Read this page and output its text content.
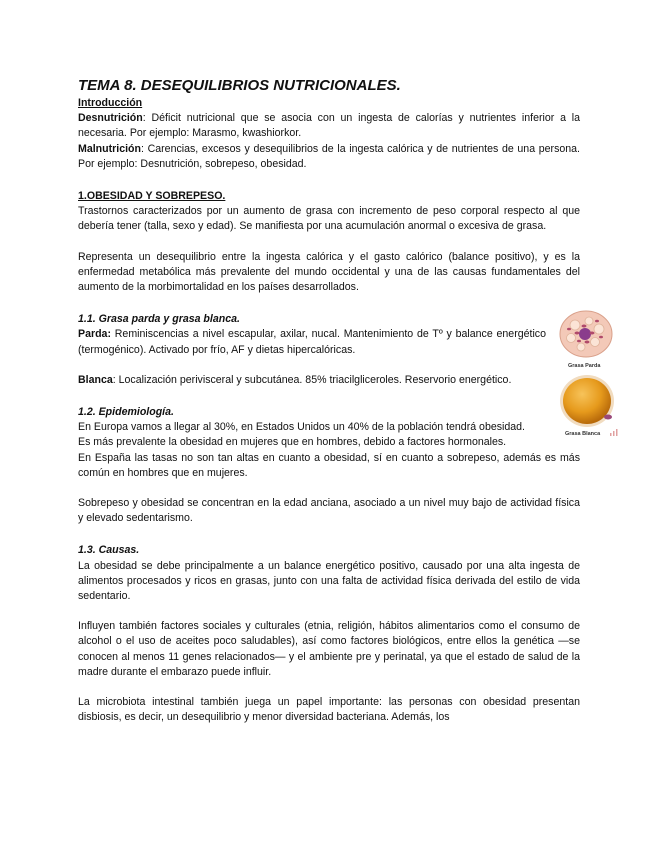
TEMA 8. DESEQUILIBRIOS NUTRICIONALES.
Introducción

Desnutrición: Déficit nutricional que se asocia con un ingesta de calorías y nutrientes inferior a la necesaria. Por ejemplo: Marasmo, kwashiorkor.

Malnutrición: Carencias, excesos y desequilibrios de la ingesta calórica y de nutrientes de una persona. Por ejemplo: Desnutrición, sobrepeso, obesidad.

1.OBESIDAD Y SOBREPESO.

Trastornos caracterizados por un aumento de grasa con incremento de peso corporal respecto al que debería tener (talla, sexo y edad). Se manifiesta por una acumulación anormal o excesiva de grasa.

Representa un desequilibrio entre la ingesta calórica y el gasto calórico (balance positivo), y es la enfermedad metabólica más prevalente del mundo occidental y una de las causas fundamentales del aumento de la morbimortalidad en los países desarrollados.

1.1. Grasa parda y grasa blanca.

Parda: Reminiscencias a nivel escapular, axilar, nucal. Mantenimiento de Tº y balance energético (termogénico). Activado por frío, AF y dietas hipercalóricas.

Blanca: Localización perivisceral y subcutánea. 85% triacilgliceroles. Reservorio energético.

1.2. Epidemiología.

En Europa vamos a llegar al 30%, en Estados Unidos un 40% de la población tendrá obesidad.

Es más prevalente la obesidad en mujeres que en hombres, debido a factores hormonales.

En España las tasas no son tan altas en cuanto a obesidad, sí en cuanto a sobrepeso, además es más común en hombres que en mujeres.

Sobrepeso y obesidad se concentran en la edad anciana, asociado a un nivel muy bajo de actividad física y elevado sedentarismo.

1.3. Causas.

La obesidad se debe principalmente a un balance energético positivo, causado por una alta ingesta de alimentos procesados y ricos en grasas, junto con una falta de actividad física derivada del estilo de vida sedentario.

Influyen también factores sociales y culturales (etnia, religión, hábitos alimentarios como el consumo de alcohol o el uso de aceites poco saludables), así como factores biológicos, entre ellos la genética —se conocen al menos 11 genes relacionados— y el ambiente pre y perinatal, ya que el estado de salud de la madre durante el embarazo puede influir.

La microbiota intestinal también juega un papel importante: las personas con obesidad presentan disbiosis, es decir, un desequilibrio y menor diversidad bacteriana. Además, los

Grasa Parda
Grasa Blanca
